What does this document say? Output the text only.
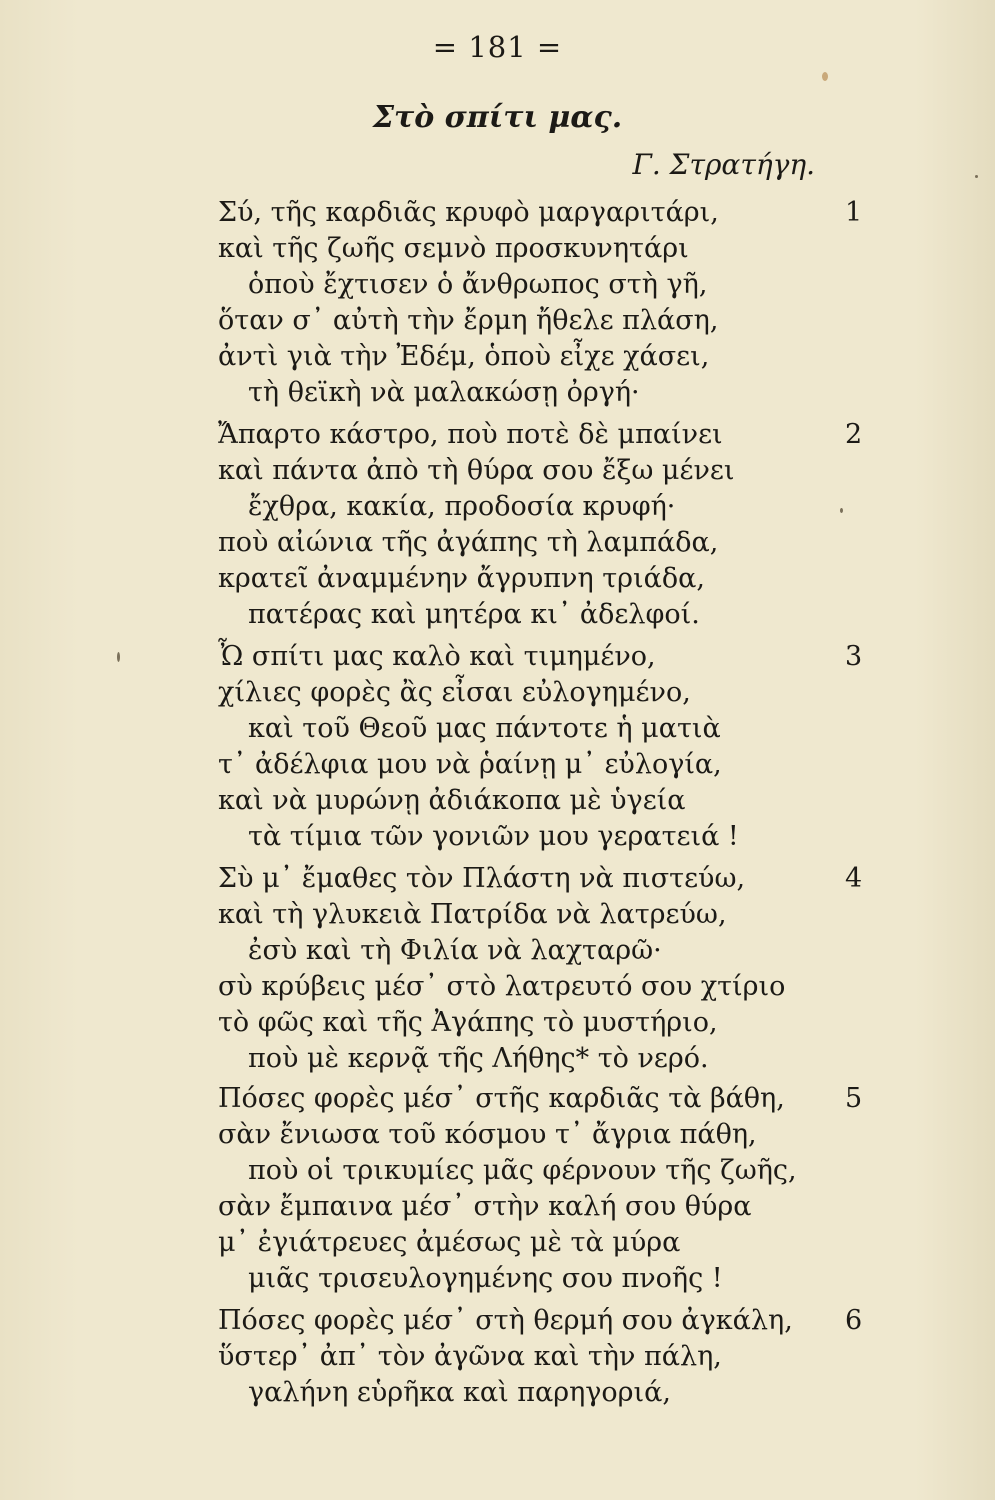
= 181 =
Στὸ σπίτι μας.
Γ. Στρατήγη.
1
Σύ, τῆς καρδιᾶς κρυφὸ μαργαριτάρι,
καὶ τῆς ζωῆς σεμνὸ προσκυνητάρι
ὁποὺ ἔχτισεν ὁ ἄνθρωπος στὴ γῆ,
ὅταν σ᾽ αὐτὴ τὴν ἔρμη ἤθελε πλάση,
ἀντὶ γιὰ τὴν Ἐδέμ, ὁποὺ εἶχε χάσει,
τὴ θεϊκὴ νὰ μαλακώσῃ ὀργή·
2
Ἄπαρτο κάστρο, ποὺ ποτὲ δὲ μπαίνει
καὶ πάντα ἀπὸ τὴ θύρα σου ἔξω μένει
ἔχθρα, κακία, προδοσία κρυφή·
ποὺ αἰώνια τῆς ἀγάπης τὴ λαμπάδα,
κρατεῖ ἀναμμένην ἄγρυπνη τριάδα,
πατέρας καὶ μητέρα κι᾽ ἀδελφοί.
3
Ὦ σπίτι μας καλὸ καὶ τιμημένο,
χίλιες φορὲς ἂς εἶσαι εὐλογημένο,
καὶ τοῦ Θεοῦ μας πάντοτε ἡ ματιὰ
τ᾽ ἀδέλφια μου νὰ ῥαίνῃ μ᾽ εὐλογία,
καὶ νὰ μυρώνῃ ἀδιάκοπα μὲ ὑγεία
τὰ τίμια τῶν γονιῶν μου γερατειά !
4
Σὺ μ᾽ ἔμαθες τὸν Πλάστη νὰ πιστεύω,
καὶ τὴ γλυκειὰ Πατρίδα νὰ λατρεύω,
ἐσὺ καὶ τὴ Φιλία νὰ λαχταρῶ·
σὺ κρύβεις μέσ᾽ στὸ λατρευτό σου χτίριο
τὸ φῶς καὶ τῆς Ἀγάπης τὸ μυστήριο,
ποὺ μὲ κερνᾷ τῆς Λήθης* τὸ νερό.
5
Πόσες φορὲς μέσ᾽ στῆς καρδιᾶς τὰ βάθη,
σὰν ἔνιωσα τοῦ κόσμου τ᾽ ἄγρια πάθη,
ποὺ οἱ τρικυμίες μᾶς φέρνουν τῆς ζωῆς,
σὰν ἔμπαινα μέσ᾽ στὴν καλή σου θύρα
μ᾽ ἐγιάτρευες ἀμέσως μὲ τὰ μύρα
μιᾶς τρισευλογημένης σου πνοῆς !
6
Πόσες φορὲς μέσ᾽ στὴ θερμή σου ἀγκάλη,
ὕστερ᾽ ἀπ᾽ τὸν ἀγῶνα καὶ τὴν πάλη,
γαλήνη εὑρῆκα καὶ παρηγοριά,
